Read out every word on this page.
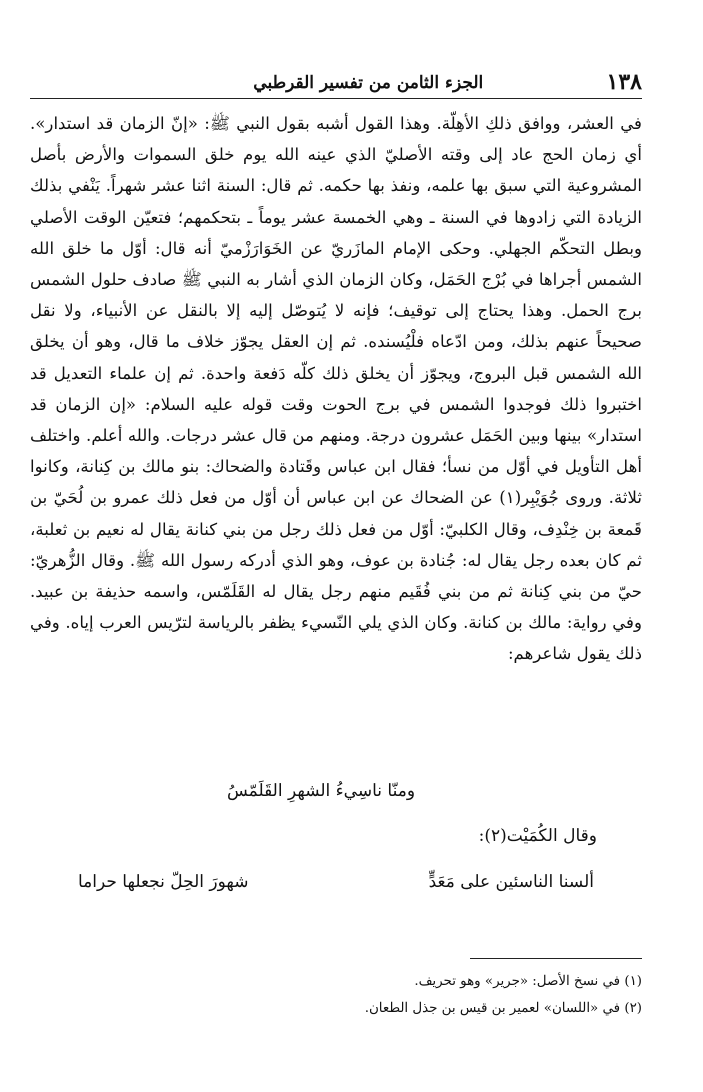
١٣٨
الجزء الثامن من تفسير القرطبي

في العشر، ووافق ذلكِ الأهِلّة. وهذا القول أشبه بقول النبي ﷺ: «إنّ الزمان قد استدار». أي زمان الحج عاد إلى وقته الأصليّ الذي عينه الله يوم خلق السموات والأرض بأصل المشروعية التي سبق بها علمه، ونفذ بها حكمه. ثم قال: السنة اثنا عشر شهراً. يَنْفي بذلك الزيادة التي زادوها في السنة ـ وهي الخمسة عشر يوماً ـ بتحكمهم؛ فتعيّن الوقت الأصلي وبطل التحكّم الجهلي. وحكى الإمام المازَريّ عن الخَوَارَزْميّ أنه قال: أوّل ما خلق الله الشمس أجراها في بُرْج الحَمَل، وكان الزمان الذي أشار به النبي ﷺ صادف حلول الشمس برج الحمل. وهذا يحتاج إلى توقيف؛ فإنه لا يُتوصّل إليه إلا بالنقل عن الأنبياء، ولا نقل صحيحاً عنهم بذلك، ومن ادّعاه فلْيُسنده. ثم إن العقل يجوّز خلاف ما قال، وهو أن يخلق الله الشمس قبل البروج، ويجوّز أن يخلق ذلك كلّه دَفعة واحدة. ثم إن علماء التعديل قد اختبروا ذلك فوجدوا الشمس في برج الحوت وقت قوله عليه السلام: «إن الزمان قد استدار» بينها وبين الحَمَل عشرون درجة. ومنهم من قال عشر درجات. والله أعلم. واختلف أهل التأويل في أوّل من نسأ؛ فقال ابن عباس وقَتادة والضحاك: بنو مالك بن كِنانة، وكانوا ثلاثة. وروى جُوَيْبِر(١) عن الضحاك عن ابن عباس أن أوّل من فعل ذلك عمرو بن لُحَيّ بن قَمعة بن خِنْدِف، وقال الكلبيّ: أوّل من فعل ذلك رجل من بني كنانة يقال له نعيم بن ثعلبة، ثم كان بعده رجل يقال له: جُنادة بن عوف، وهو الذي أدركه رسول الله ﷺ. وقال الزُّهريّ: حيّ من بني كِنانة ثم من بني فُقَيم منهم رجل يقال له القَلَمّس، واسمه حذيفة بن عبيد. وفي رواية: مالك بن كنانة. وكان الذي يلي النّسيء يظفر بالرياسة لترّيس العرب إياه. وفي ذلك يقول شاعرهم:

ومنّا ناسِيءُ الشهرِ القَلَمّسُ
وقال الكُمَيْت(٢):
ألسنا الناسئين على مَعَدٍّ
شهورَ الحِلّ نجعلها حراما
(١) في نسخ الأصل: «جرير» وهو تحريف.
(٢) في «اللسان» لعمير بن قيس بن جذل الطعان.
